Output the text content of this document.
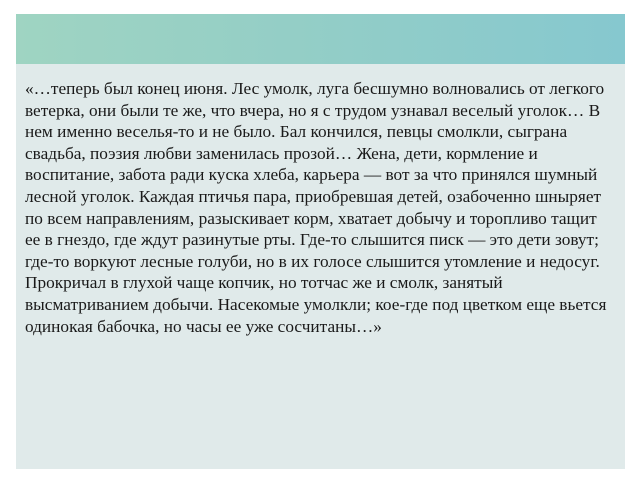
«…теперь был конец июня. Лес умолк, луга бесшумно волновались от легкого ветерка, они были те же, что вчера, но я с трудом узнавал веселый уголок… В нем именно веселья-то и не было. Бал кончился, певцы смолкли, сыграна свадьба, поэзия любви заменилась прозой… Жена, дети, кормление и воспитание, забота ради куска хлеба, карьера — вот за что принялся шумный лесной уголок. Каждая птичья пара, приобревшая детей, озабоченно шныряет по всем направлениям, разыскивает корм, хватает добычу и торопливо тащит ее в гнездо, где ждут разинутые рты. Где-то слышится писк — это дети зовут; где-то воркуют лесные голуби, но в их голосе слышится утомление и недосуг. Прокричал в глухой чаще копчик, но тотчас же и смолк, занятый высматриванием добычи. Насекомые умолкли; кое-где под цветком еще вьется одинокая бабочка, но часы ее уже сосчитаны…»
